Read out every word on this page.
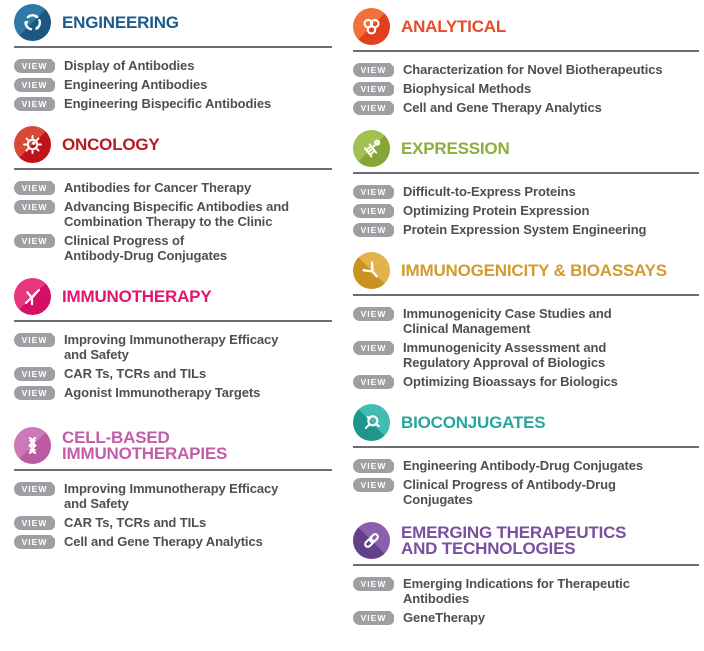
ENGINEERING
VIEW	Display of Antibodies
VIEW	Engineering Antibodies
VIEW	Engineering Bispecific Antibodies
ONCOLOGY
VIEW	Antibodies for Cancer Therapy
VIEW	Advancing Bispecific Antibodies and
Combination Therapy to the Clinic
VIEW	Clinical Progress of
Antibody-Drug Conjugates
IMMUNOTHERAPY
VIEW	Improving Immunotherapy Efficacy
and Safety
VIEW	CAR Ts, TCRs and TILs
VIEW	Agonist Immunotherapy Targets
CELL-BASED
IMMUNOTHERAPIES
VIEW	Improving Immunotherapy Efficacy
and Safety
VIEW	CAR Ts, TCRs and TILs
VIEW	Cell and Gene Therapy Analytics
ANALYTICAL
VIEW	Characterization for Novel Biotherapeutics
VIEW	Biophysical Methods
VIEW	Cell and Gene Therapy Analytics
EXPRESSION
VIEW	Difficult-to-Express Proteins
VIEW	Optimizing Protein Expression
VIEW	Protein Expression System Engineering
IMMUNOGENICITY & BIOASSAYS
VIEW	Immunogenicity Case Studies and
Clinical Management
VIEW	Immunogenicity Assessment and
Regulatory Approval of Biologics
VIEW	Optimizing Bioassays for Biologics
BIOCONJUGATES
VIEW	Engineering Antibody-Drug Conjugates
VIEW	Clinical Progress of Antibody-Drug
Conjugates
EMERGING THERAPEUTICS
AND TECHNOLOGIES
VIEW	Emerging Indications for Therapeutic
Antibodies
VIEW	GeneTherapy
